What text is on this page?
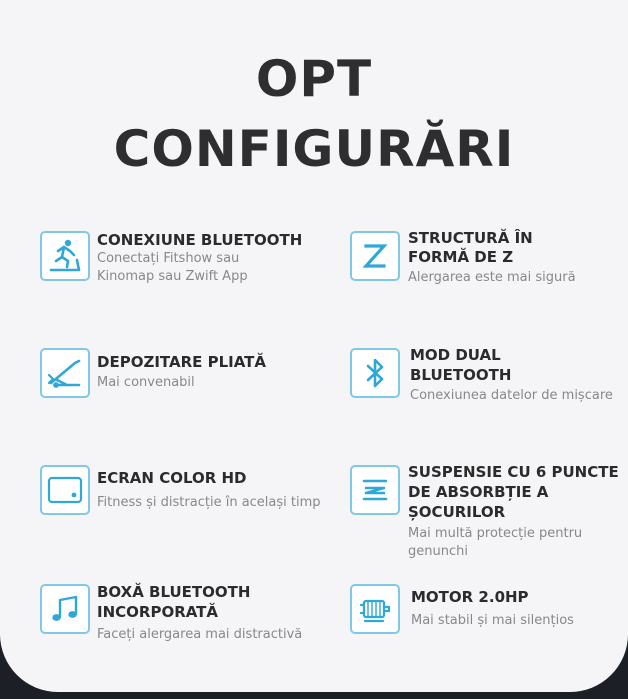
OPT
CONFIGURĂRI
CONEXIUNE BLUETOOTH
Conectați Fitshow sau
Kinomap sau Zwift App
STRUCTURĂ ÎN
FORMĂ DE Z
Alergarea este mai sigură
DEPOZITARE PLIATĂ
Mai convenabil
MOD DUAL
BLUETOOTH
Conexiunea datelor de mișcare
ECRAN COLOR HD
Fitness și distracție în același timp
SUSPENSIE CU 6 PUNCTE
DE ABSORBȚIE A
ȘOCURILOR
Mai multă protecție pentru
genunchi
BOXĂ BLUETOOTH
INCORPORATĂ
Faceți alergarea mai distractivă
MOTOR 2.0HP
Mai stabil și mai silențios
